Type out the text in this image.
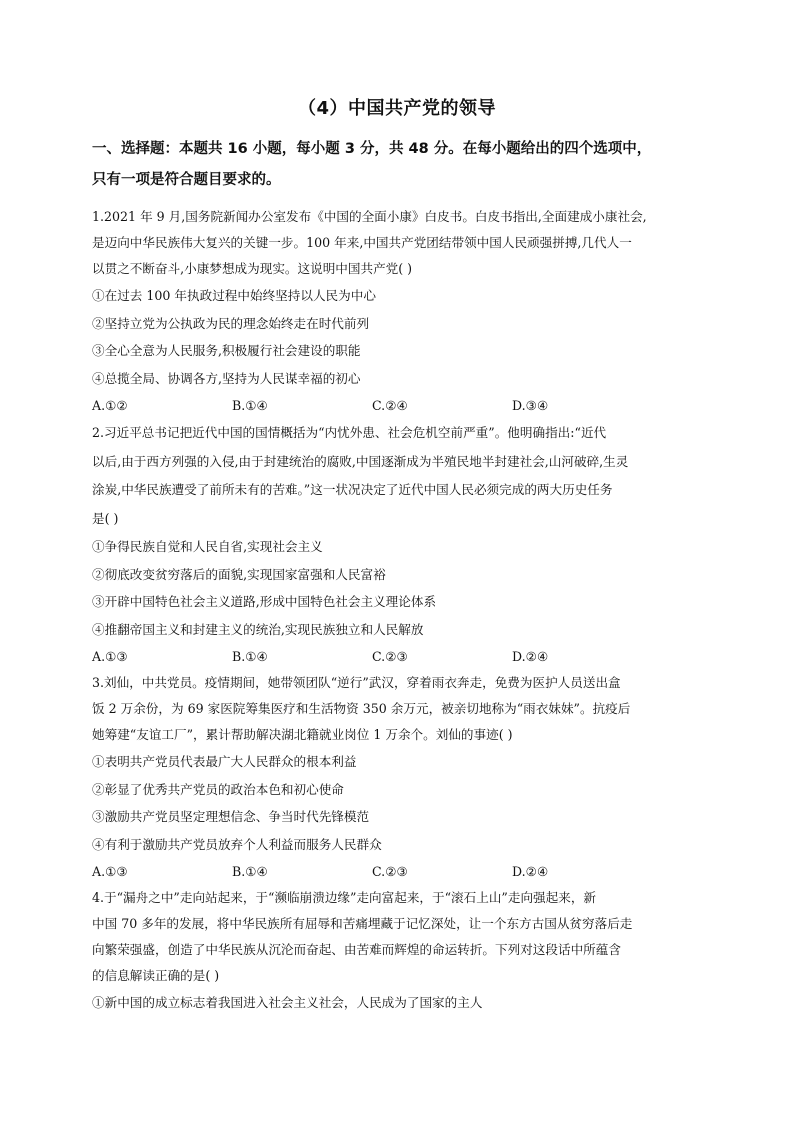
（4）中国共产党的领导
一、选择题：本题共 16 小题，每小题 3 分，共 48 分。在每小题给出的四个选项中，
只有一项是符合题目要求的。
1.2021 年 9 月,国务院新闻办公室发布《中国的全面小康》白皮书。白皮书指出,全面建成小康社会,
是迈向中华民族伟大复兴的关键一步。100 年来,中国共产党团结带领中国人民顽强拼搏,几代人一
以贯之不断奋斗,小康梦想成为现实。这说明中国共产党( )
①在过去 100 年执政过程中始终坚持以人民为中心
②坚持立党为公执政为民的理念始终走在时代前列
③全心全意为人民服务,积极履行社会建设的职能
④总揽全局、协调各方,坚持为人民谋幸福的初心
A.①②	B.①④	C.②④	D.③④
2.习近平总书记把近代中国的国情概括为“内忧外患、社会危机空前严重”。他明确指出:“近代
以后,由于西方列强的入侵,由于封建统治的腐败,中国逐渐成为半殖民地半封建社会,山河破碎,生灵
涂炭,中华民族遭受了前所未有的苦难。”这一状况决定了近代中国人民必须完成的两大历史任务
是( )
①争得民族自觉和人民自省,实现社会主义
②彻底改变贫穷落后的面貌,实现国家富强和人民富裕
③开辟中国特色社会主义道路,形成中国特色社会主义理论体系
④推翻帝国主义和封建主义的统治,实现民族独立和人民解放
A.①③	B.①④	C.②③	D.②④
3.刘仙，中共党员。疫情期间，她带领团队“逆行”武汉，穿着雨衣奔走，免费为医护人员送出盒
饭 2 万余份，为 69 家医院筹集医疗和生活物资 350 余万元，被亲切地称为“雨衣妹妹”。抗疫后
她筹建“友谊工厂”，累计帮助解决湖北籍就业岗位 1 万余个。刘仙的事迹( )
①表明共产党员代表最广大人民群众的根本利益
②彰显了优秀共产党员的政治本色和初心使命
③激励共产党员坚定理想信念、争当时代先锋模范
④有利于激励共产党员放弃个人利益而服务人民群众
A.①③	B.①④	C.②③	D.②④
4.于“漏舟之中”走向站起来，于“濒临崩溃边缘”走向富起来，于“滚石上山”走向强起来，新
中国 70 多年的发展，将中华民族所有屈辱和苦痛埋藏于记忆深处，让一个东方古国从贫穷落后走
向繁荣强盛，创造了中华民族从沉沦而奋起、由苦难而辉煌的命运转折。下列对这段话中所蕴含
的信息解读正确的是( )
①新中国的成立标志着我国进入社会主义社会，人民成为了国家的主人
